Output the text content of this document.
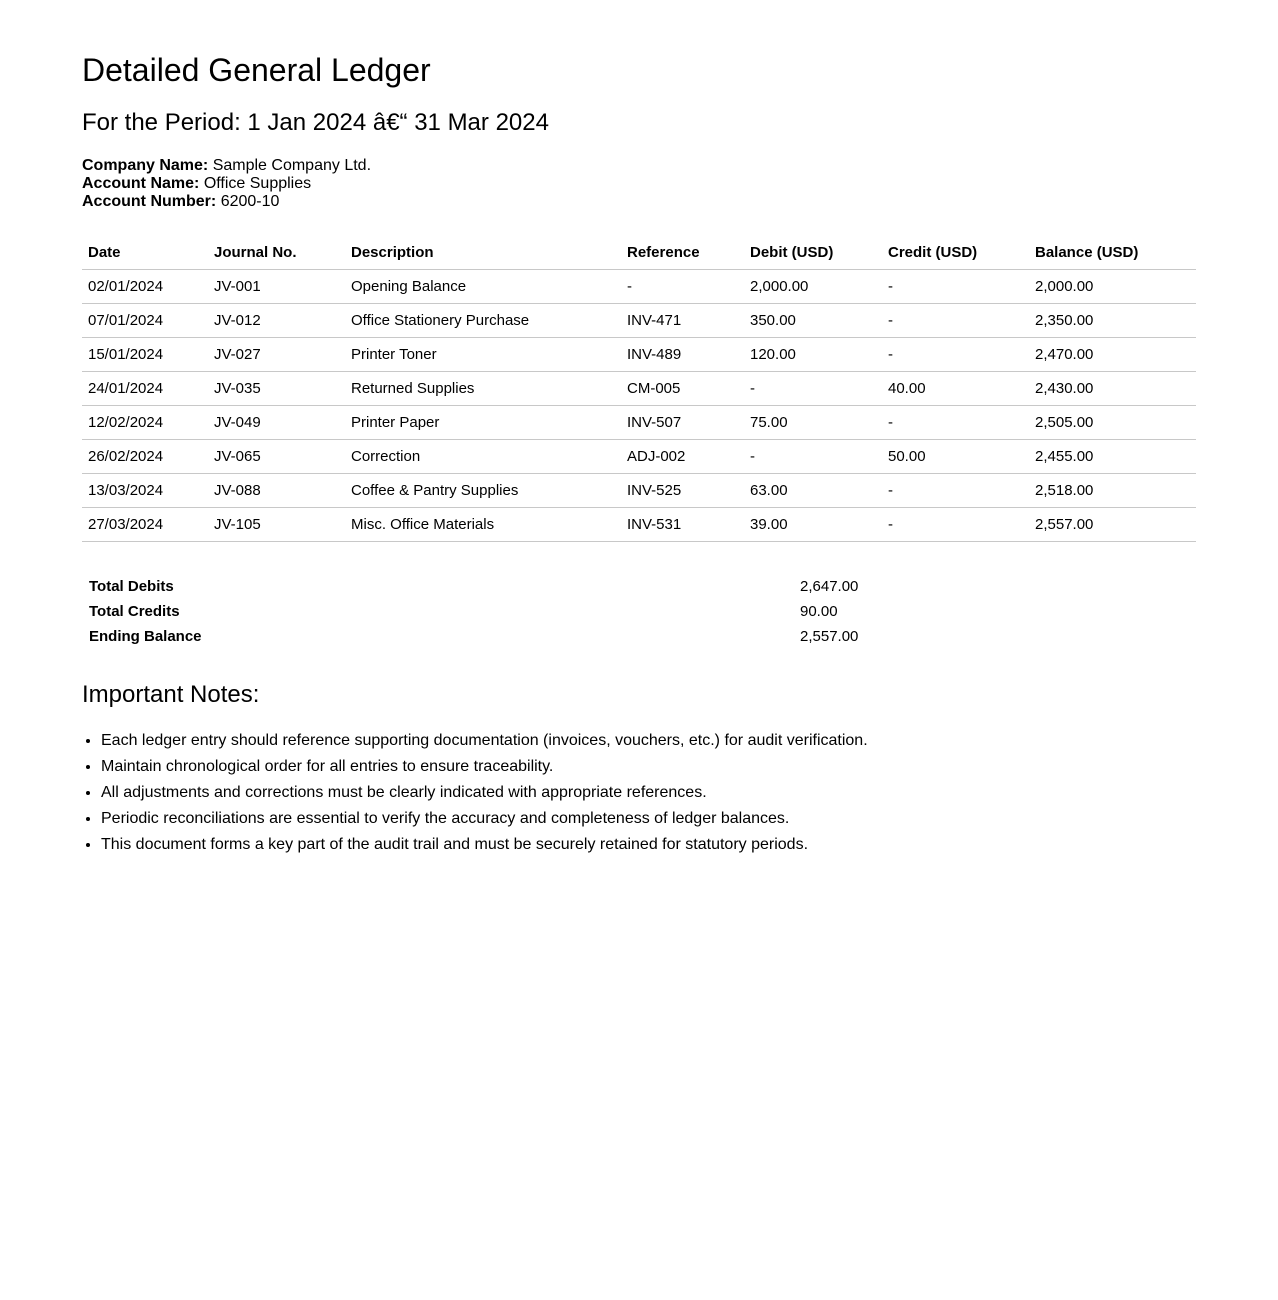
Detailed General Ledger
For the Period: 1 Jan 2024 â€“ 31 Mar 2024
Company Name: Sample Company Ltd.
Account Name: Office Supplies
Account Number: 6200-10
Date	Journal No.	Description	Reference	Debit (USD)	Credit (USD)	Balance (USD)
02/01/2024	JV-001	Opening Balance	-	2,000.00	-	2,000.00
07/01/2024	JV-012	Office Stationery Purchase	INV-471	350.00	-	2,350.00
15/01/2024	JV-027	Printer Toner	INV-489	120.00	-	2,470.00
24/01/2024	JV-035	Returned Supplies	CM-005	-	40.00	2,430.00
12/02/2024	JV-049	Printer Paper	INV-507	75.00	-	2,505.00
26/02/2024	JV-065	Correction	ADJ-002	-	50.00	2,455.00
13/03/2024	JV-088	Coffee & Pantry Supplies	INV-525	63.00	-	2,518.00
27/03/2024	JV-105	Misc. Office Materials	INV-531	39.00	-	2,557.00
Total Debits	2,647.00
Total Credits	90.00
Ending Balance	2,557.00
Important Notes:
• Each ledger entry should reference supporting documentation (invoices, vouchers, etc.) for audit verification.
• Maintain chronological order for all entries to ensure traceability.
• All adjustments and corrections must be clearly indicated with appropriate references.
• Periodic reconciliations are essential to verify the accuracy and completeness of ledger balances.
• This document forms a key part of the audit trail and must be securely retained for statutory periods.
